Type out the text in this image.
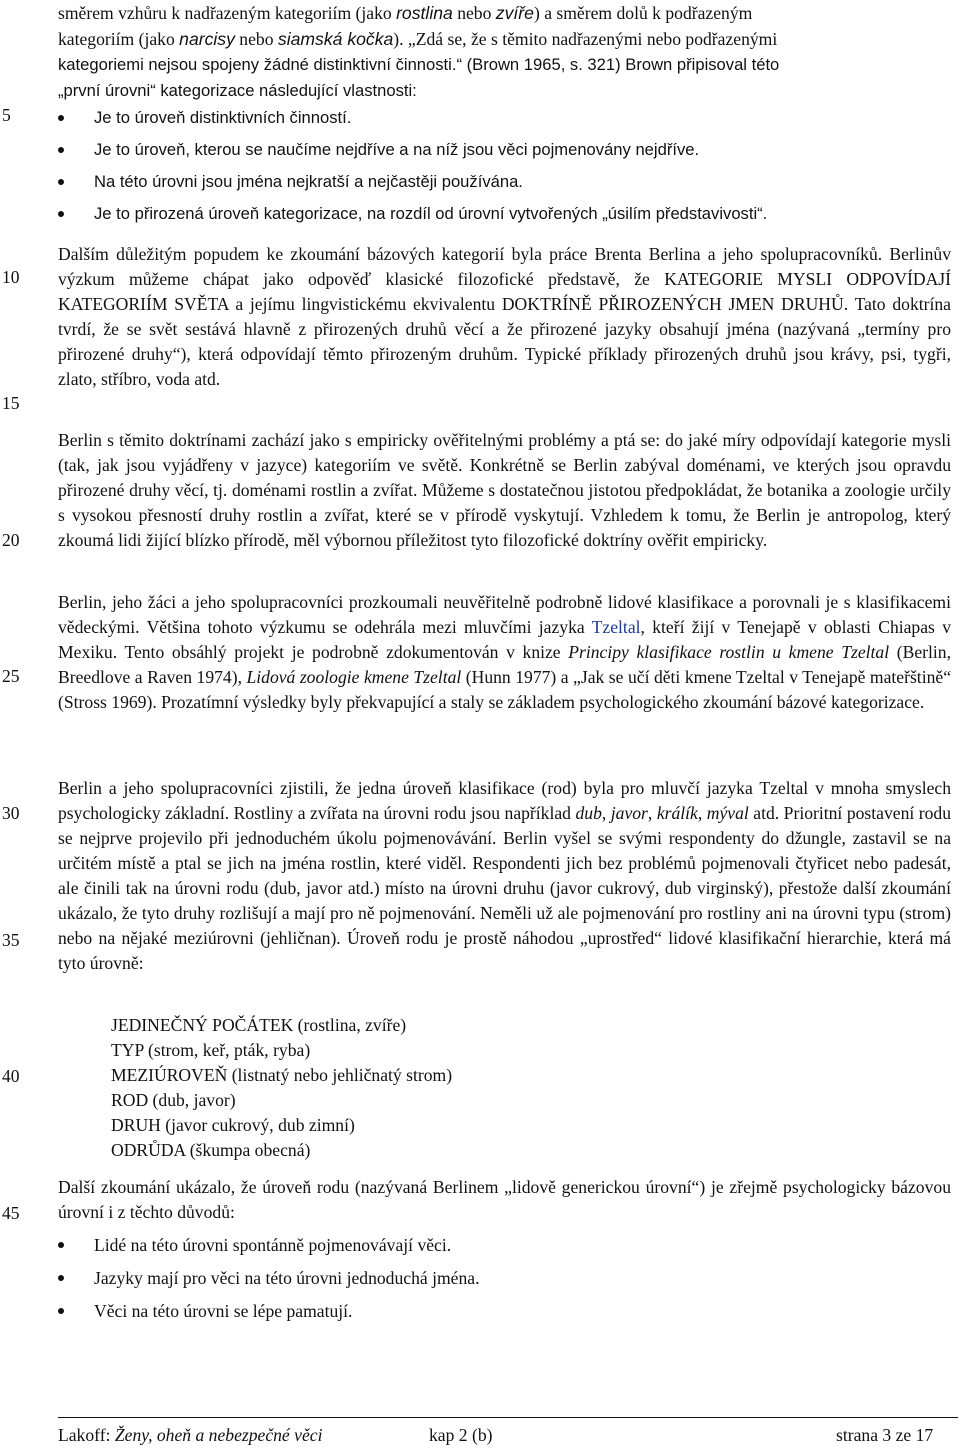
5
10
15
20
25
30
35
40
45

směrem vzhůru k nadřazeným kategoriím (jako rostlina nebo zvíře) a směrem dolů k podřazeným

kategoriím (jako narcisy nebo siamská kočka). „Zdá se, že s těmito nadřazenými nebo podřazenými

kategoriemi nejsou spojeny žádné distinktivní činnosti.“ (Brown 1965, s. 321) Brown připisoval této

„první úrovni“ kategorizace následující vlastnosti:

Je to úroveň distinktivních činností.
Je to úroveň, kterou se naučíme nejdříve a na níž jsou věci pojmenovány nejdříve.
Na této úrovni jsou jména nejkratší a nejčastěji používána.
Je to přirozená úroveň kategorizace, na rozdíl od úrovní vytvořených „úsilím představivosti“.

Dalším důležitým popudem ke zkoumání bázových kategorií byla práce Brenta Berlina a jeho spolupracovníků. Berlinův výzkum můžeme chápat jako odpověď klasické filozofické představě, že KATEGORIE MYSLI ODPOVÍDAJÍ KATEGORIÍM SVĚTA a jejímu lingvistickému ekvivalentu DOKTRÍNĚ PŘIROZENÝCH JMEN DRUHŮ. Tato doktrína tvrdí, že se svět sestává hlavně z přirozených druhů věcí a že přirozené jazyky obsahují jména (nazývaná „termíny pro přirozené druhy“), která odpovídají těmto přirozeným druhům. Typické příklady přirozených druhů jsou krávy, psi, tygři, zlato, stříbro, voda atd.

Berlin s těmito doktrínami zachází jako s empiricky ověřitelnými problémy a ptá se: do jaké míry odpovídají kategorie mysli (tak, jak jsou vyjádřeny v jazyce) kategoriím ve světě. Konkrétně se Berlin zabýval doménami, ve kterých jsou opravdu přirozené druhy věcí, tj. doménami rostlin a zvířat. Můžeme s dostatečnou jistotou předpokládat, že botanika a zoologie určily s vysokou přesností druhy rostlin a zvířat, které se v přírodě vyskytují. Vzhledem k tomu, že Berlin je antropolog, který zkoumá lidi žijící blízko přírodě, měl výbornou příležitost tyto filozofické doktríny ověřit empiricky.

Berlin, jeho žáci a jeho spolupracovníci prozkoumali neuvěřitelně podrobně lidové klasifikace a porovnali je s klasifikacemi vědeckými. Většina tohoto výzkumu se odehrála mezi mluvčími jazyka Tzeltal, kteří žijí v Tenejapě v oblasti Chiapas v Mexiku. Tento obsáhlý projekt je podrobně zdokumentován v knize Principy klasifikace rostlin u kmene Tzeltal (Berlin, Breedlove a Raven 1974), Lidová zoologie kmene Tzeltal (Hunn 1977) a „Jak se učí děti kmene Tzeltal v Tenejapě mateřštině“ (Stross 1969). Prozatímní výsledky byly překvapující a staly se základem psychologického zkoumání bázové kategorizace.

Berlin a jeho spolupracovníci zjistili, že jedna úroveň klasifikace (rod) byla pro mluvčí jazyka Tzeltal v mnoha smyslech psychologicky základní. Rostliny a zvířata na úrovni rodu jsou například dub, javor, králík, mýval atd. Prioritní postavení rodu se nejprve projevilo při jednoduchém úkolu pojmenovávání. Berlin vyšel se svými respondenty do džungle, zastavil se na určitém místě a ptal se jich na jména rostlin, které viděl. Respondenti jich bez problémů pojmenovali čtyřicet nebo padesát, ale činili tak na úrovni rodu (dub, javor atd.) místo na úrovni druhu (javor cukrový, dub virginský), přestože další zkoumání ukázalo, že tyto druhy rozlišují a mají pro ně pojmenování. Neměli už ale pojmenování pro rostliny ani na úrovni typu (strom) nebo na nějaké meziúrovni (jehličnan). Úroveň rodu je prostě náhodou „uprostřed“ lidové klasifikační hierarchie, která má tyto úrovně:

JEDINEČNÝ POČÁTEK (rostlina, zvíře)
TYP (strom, keř, pták, ryba)
MEZIÚROVEŇ (listnatý nebo jehličnatý strom)
ROD (dub, javor)
DRUH (javor cukrový, dub zimní)
ODRŮDA (škumpa obecná)

Další zkoumání ukázalo, že úroveň rodu (nazývaná Berlinem „lidově generickou úrovní“) je zřejmě psychologicky bázovou úrovní i z těchto důvodů:

Lidé na této úrovni spontánně pojmenovávají věci.
Jazyky mají pro věci na této úrovni jednoduchá jména.
Věci na této úrovni se lépe pamatují.
Lakoff: Ženy, oheň a nebezpečné věci	kap 2 (b)	strana 3 ze 17
